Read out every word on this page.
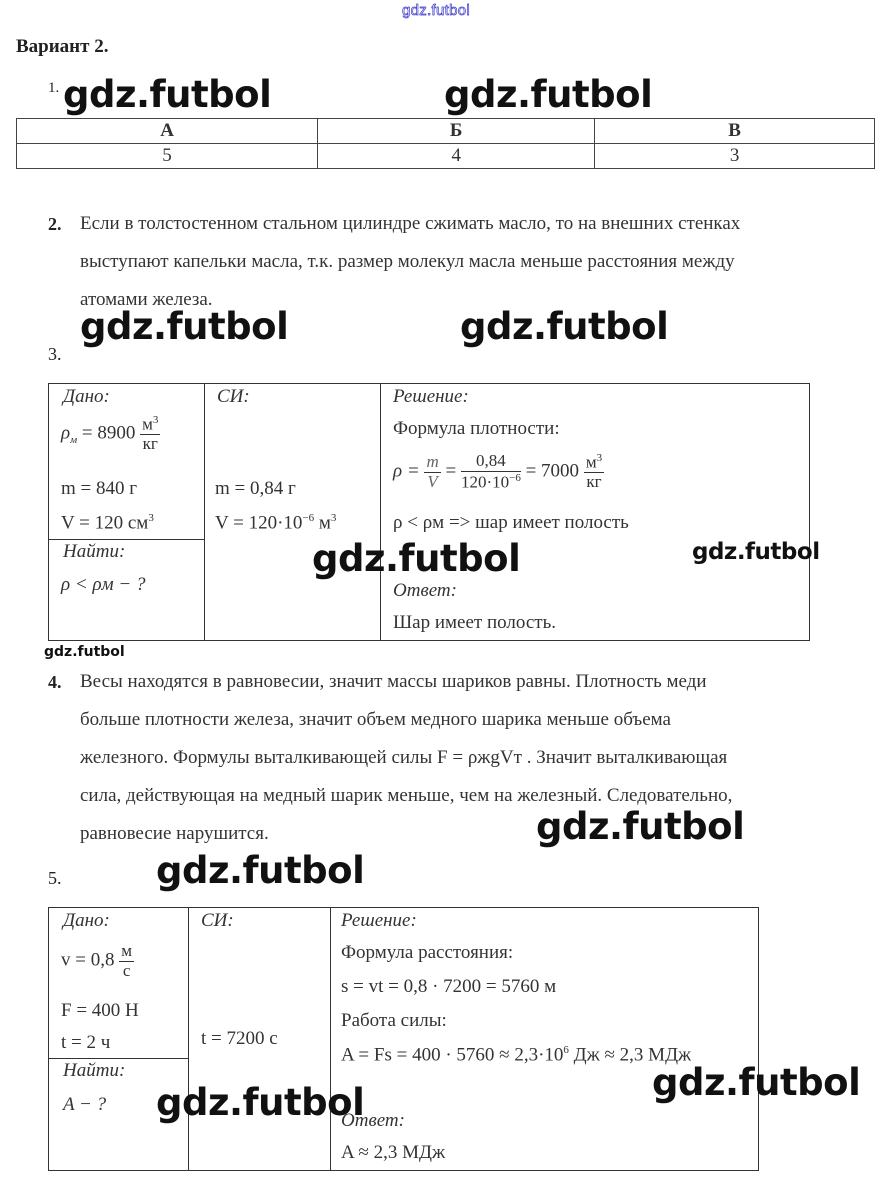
gdz.futbol
Вариант 2.
1. gdz.futbol	gdz.futbol
А	Б	В
5	4	3
2. Если в толстостенном стальном цилиндре сжимать масло, то на внешних стенках
выступают капельки масла, т.к. размер молекул масла меньше расстояния между
атомами железа.
gdz.futbol	gdz.futbol
3.
Дано:
$\rho_м = 8900 \frac{м^3}{кг}$
m = 840 г
V = 120 $см^3$
Найти:
ρ < ρм − ?
СИ:
m = 0,84 г
$V = 120\cdot 10^{-6}$ $м^3$
Решение:
Формула плотности:
$\rho = \frac{m}{V} = \frac{0,84}{120\cdot 10^{-6}} = 7000 \frac{м^3}{кг}$
ρ < ρм => шар имеет полость
Ответ:
Шар имеет полость.
gdz.futbol	gdz.futbol
gdz.futbol
4. Весы находятся в равновесии, значит массы шариков равны. Плотность меди
больше плотности железа, значит объем медного шарика меньше объема
железного. Формулы выталкивающей силы F = ρжgVт . Значит выталкивающая
сила, действующая на медный шарик меньше, чем на железный. Следовательно,
равновесие нарушится.	gdz.futbol
5.	gdz.futbol
Дано:
$v = 0,8 \frac{м}{с}$
F = 400 Н
t = 2 ч
Найти:
A − ?
СИ:
t = 7200 с
Решение:
Формула расстояния:
s = vt = 0,8 · 7200 = 5760 м
Работа силы:
$A = Fs = 400 \cdot 5760 \approx 2,3\cdot 10^6$ Дж ≈ 2,3 МДж
Ответ:
A ≈ 2,3 МДж
gdz.futbol	gdz.futbol
